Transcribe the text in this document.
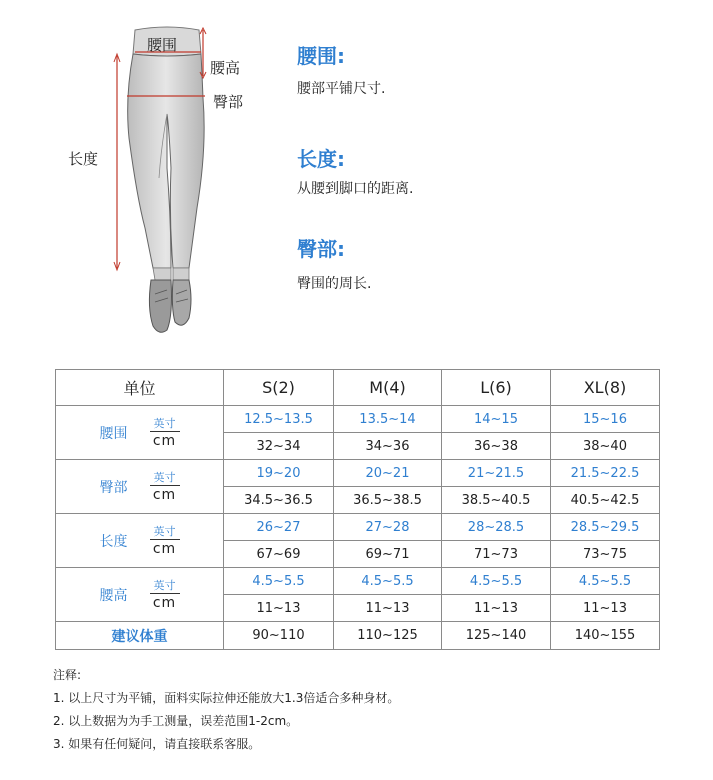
腰围
腰高
臀部
长度
腰围:
腰部平铺尺寸.
长度:
从腰到脚口的距离.
臀部:
臀围的周长.
单位	S(2)	M(4)	L(6)	XL(8)

腰围
英寸
cm	12.5~13.5	13.5~14	14~15	15~16
	32~34	34~36	36~38	38~40

臀部
英寸
cm	19~20	20~21	21~21.5	21.5~22.5
	34.5~36.5	36.5~38.5	38.5~40.5	40.5~42.5

长度
英寸
cm	26~27	27~28	28~28.5	28.5~29.5
	67~69	69~71	71~73	73~75

腰高
英寸
cm	4.5~5.5	4.5~5.5	4.5~5.5	4.5~5.5
	11~13	11~13	11~13	11~13
建议体重	90~110	110~125	125~140	140~155
注释:
1. 以上尺寸为平铺，面料实际拉伸还能放大1.3倍适合多种身材。
2. 以上数据为为手工测量，误差范围1-2cm。
3. 如果有任何疑问，请直接联系客服。
